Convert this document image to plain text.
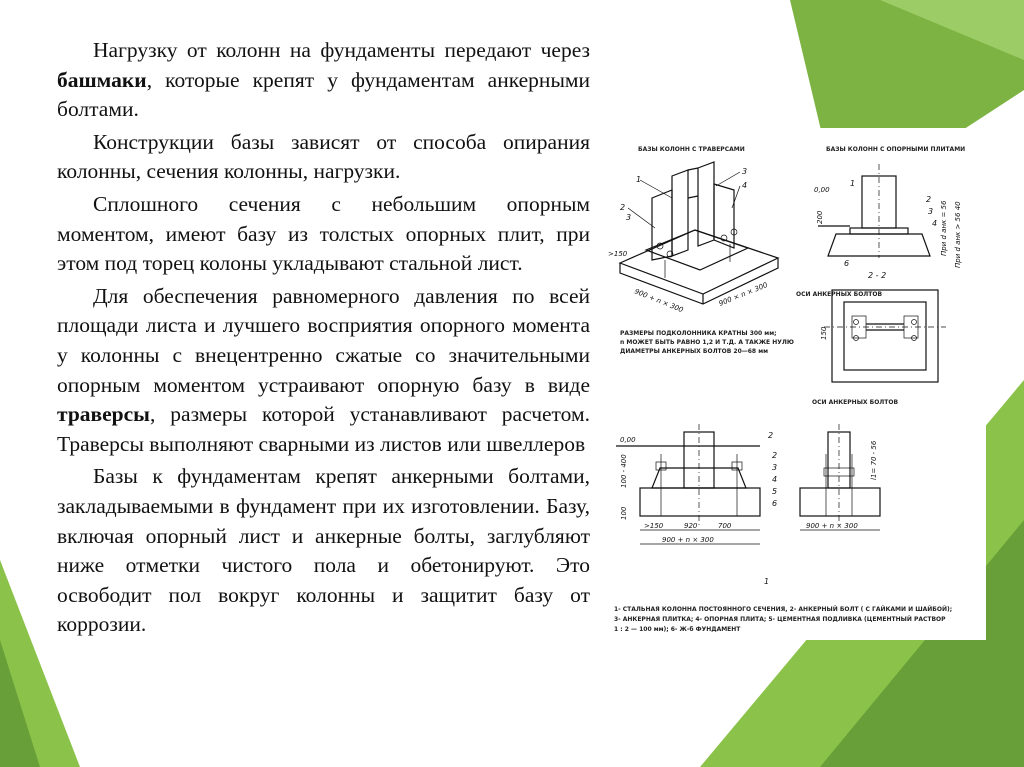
Нагрузку от колонн на фундаменты передают через башмаки, которые крепят у фундаментам анкерными болтами.

Конструкции базы зависят от способа опирания колонны, сечения колонны, нагрузки.

Сплошного сечения с небольшим опорным моментом, имеют базу из толстых опорных плит, при этом под торец колоны укладывают стальной лист.

Для обеспечения равномерного давления по всей площади листа и лучшего восприятия опорного момента у колонны с внецентренно сжатые со значительными опорным моментом устраивают опорную базу в виде траверсы, размеры которой устанавливают расчетом. Траверсы выполняют сварными из листов или швеллеров

Базы к фундаментам крепят анкерными болтами, закладываемыми в фундамент при их изготовлении. Базу, включая опорный лист и анкерные болты, заглубляют ниже отметки чистого пола и обетонируют. Это освободит пол вокруг колонны и защитит базу от коррозии.

БАЗЫ КОЛОНН С ТРАВЕРСАМИ
1
2
3
3
4
>150
900 + n × 300	900 × n × 300
РАЗМЕРЫ ПОДКОЛОННИКА КРАТНЫ 300 мм;
n МОЖЕТ БЫТЬ РАВНО 1,2 И Т.Д. А ТАКЖЕ НУЛЮ
ДИАМЕТРЫ АНКЕРНЫХ БОЛТОВ 20—68 мм
БАЗЫ КОЛОНН С ОПОРНЫМИ ПЛИТАМИ
0,00
200
1
2
3
4
6
При d анк = 56 При d анк > 56 40
2 - 2
ОСИ АНКЕРНЫХ БОЛТОВ
150
ОСИ АНКЕРНЫХ БОЛТОВ
0,00
100 - 400
100
>150	920	700
900 + n × 300
2
2
3
4
5
6
1
900 + n × 300
l1= 70 - 56
1- СТАЛЬНАЯ КОЛОННА ПОСТОЯННОГО СЕЧЕНИЯ, 2- АНКЕРНЫЙ БОЛТ ( С ГАЙКАМИ И ШАЙБОЙ);
3- АНКЕРНАЯ ПЛИТКА; 4- ОПОРНАЯ ПЛИТА; 5- ЦЕМЕНТНАЯ ПОДЛИВКА (ЦЕМЕНТНЫЙ РАСТВОР
1 : 2 — 100 мм); 6- Ж-б ФУНДАМЕНТ
